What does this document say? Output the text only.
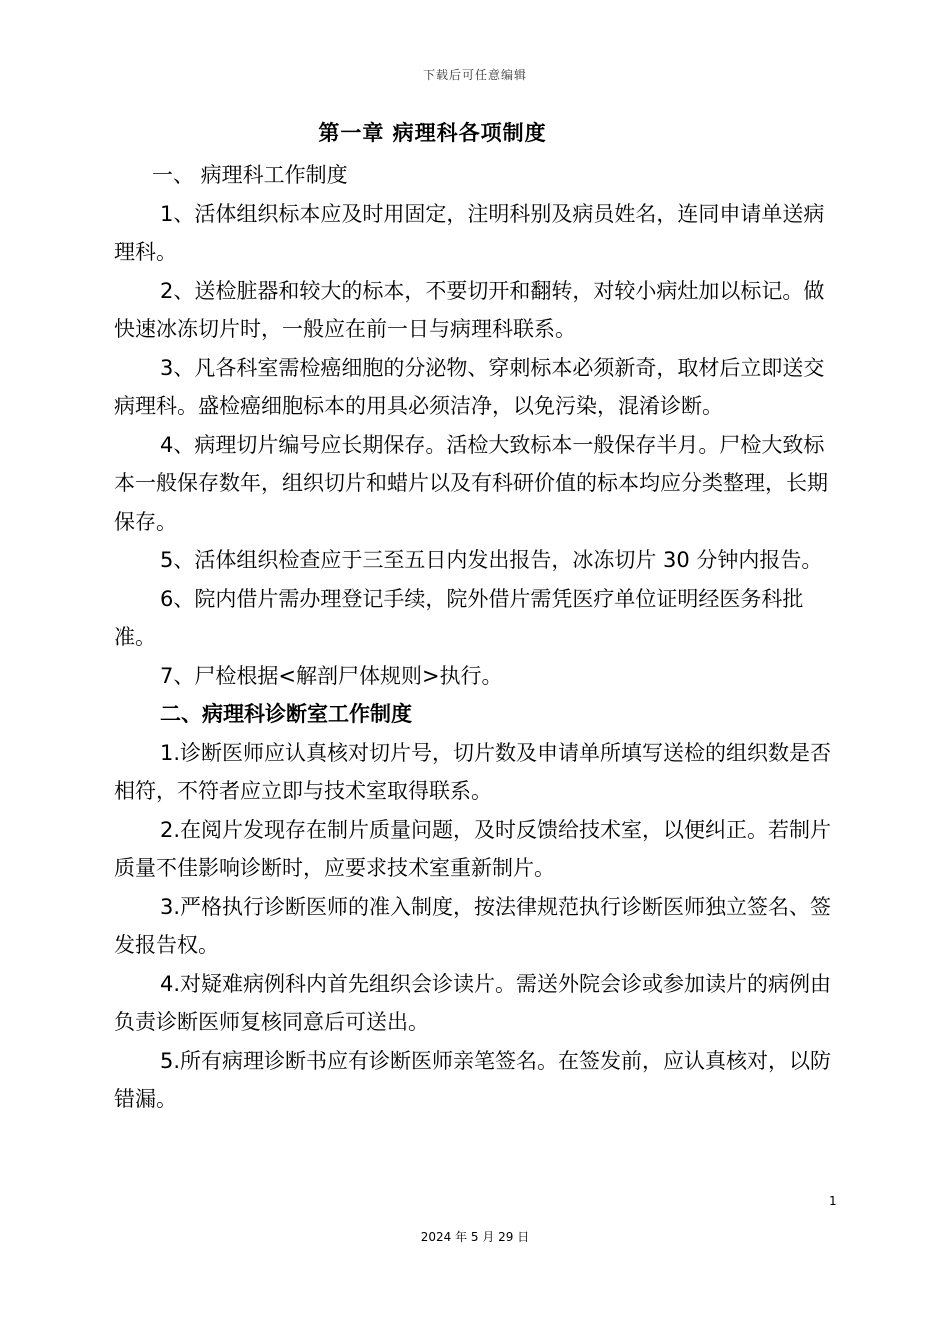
下载后可任意编辑
第一章 病理科各项制度

一、 病理科工作制度

1、活体组织标本应及时用固定，注明科别及病员姓名，连同申请单送病理科。

2、送检脏器和较大的标本，不要切开和翻转，对较小病灶加以标记。做快速冰冻切片时，一般应在前一日与病理科联系。

3、凡各科室需检癌细胞的分泌物、穿刺标本必须新奇，取材后立即送交病理科。盛检癌细胞标本的用具必须洁净，以免污染，混淆诊断。

4、病理切片编号应长期保存。活检大致标本一般保存半月。尸检大致标本一般保存数年，组织切片和蜡片以及有科研价值的标本均应分类整理，长期保存。

5、活体组织检查应于三至五日内发出报告，冰冻切片 30 分钟内报告。

6、院内借片需办理登记手续，院外借片需凭医疗单位证明经医务科批准。

7、尸检根据<解剖尸体规则>执行。

二、病理科诊断室工作制度

1.诊断医师应认真核对切片号，切片数及申请单所填写送检的组织数是否相符，不符者应立即与技术室取得联系。

2.在阅片发现存在制片质量问题，及时反馈给技术室，以便纠正。若制片质量不佳影响诊断时，应要求技术室重新制片。

3.严格执行诊断医师的准入制度，按法律规范执行诊断医师独立签名、签发报告权。

4.对疑难病例科内首先组织会诊读片。需送外院会诊或参加读片的病例由负责诊断医师复核同意后可送出。

5.所有病理诊断书应有诊断医师亲笔签名。在签发前，应认真核对，以防错漏。

1
2024 年 5 月 29 日
